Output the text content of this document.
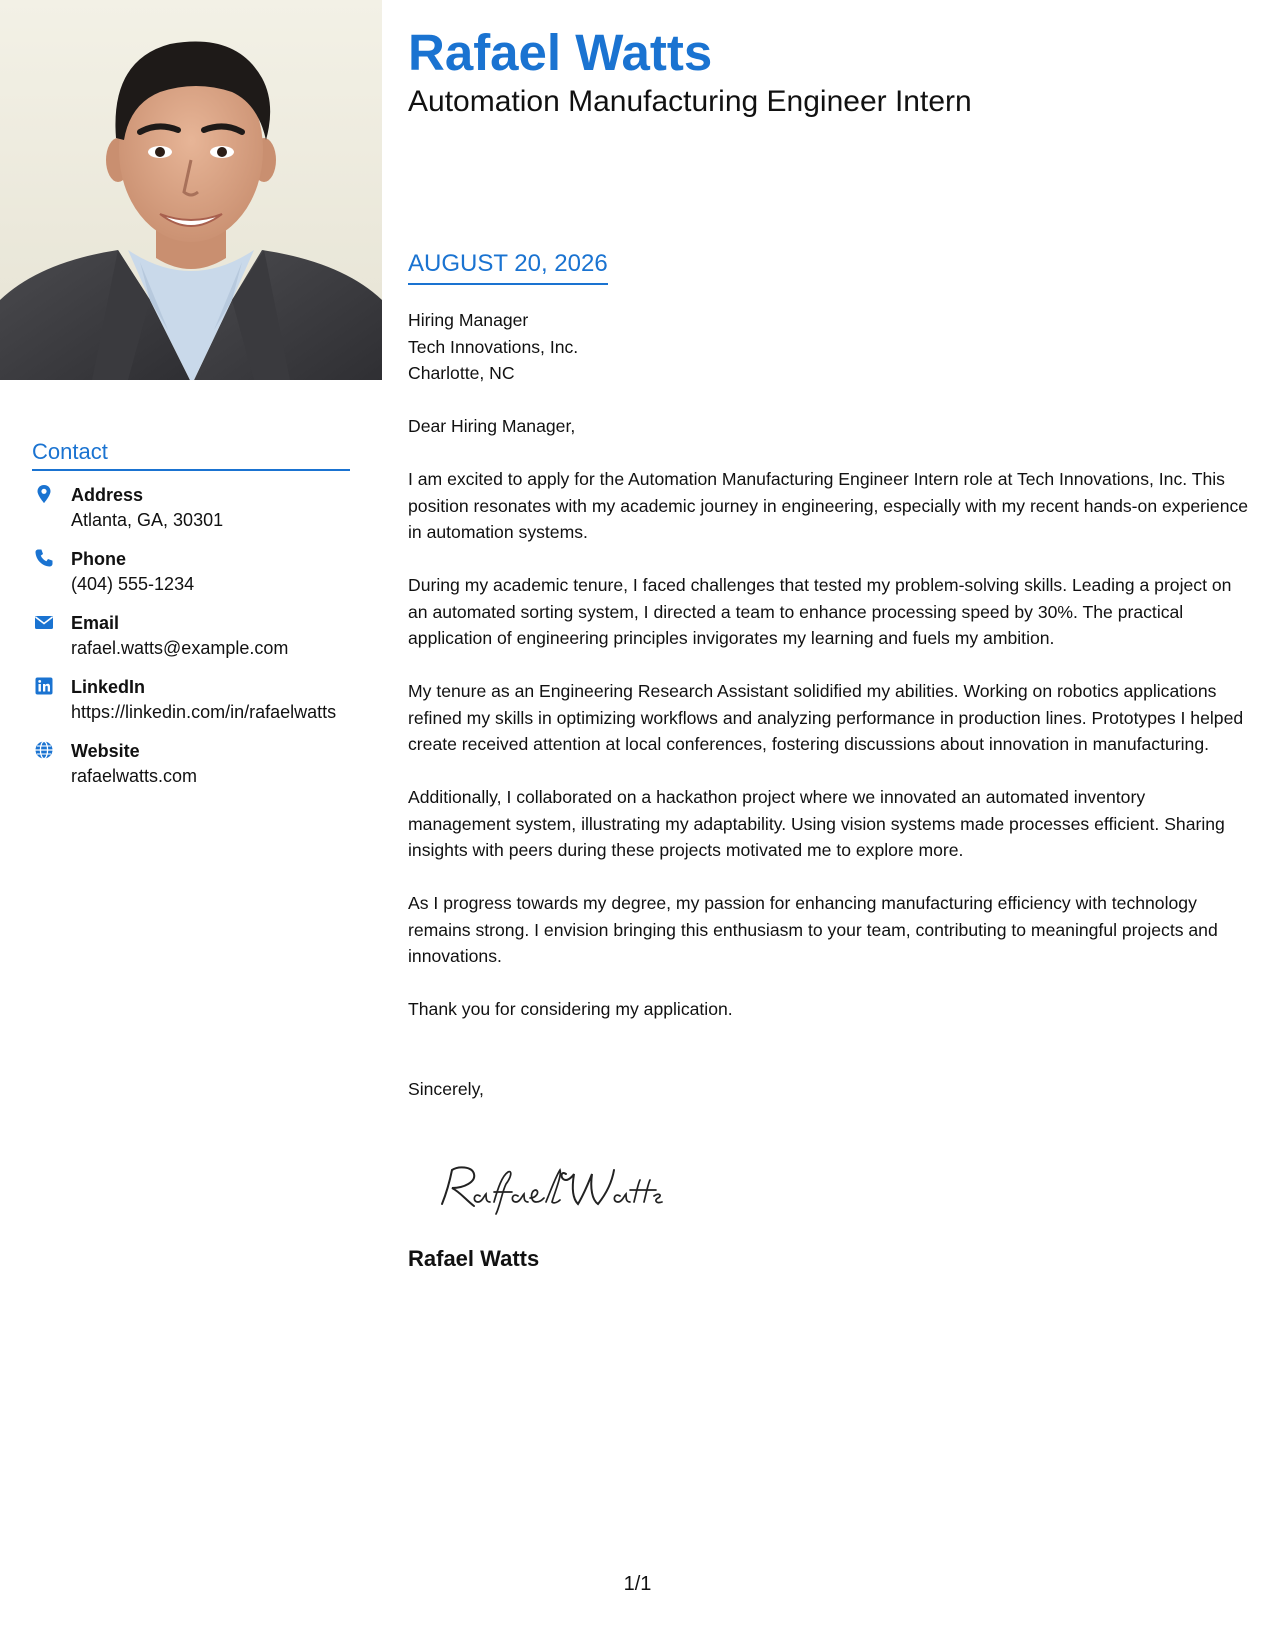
Contact
Address
Atlanta, GA, 30301
Phone
(404) 555-1234
Email
rafael.watts@example.com
LinkedIn
https://linkedin.com/in/rafaelwatts
Website
rafaelwatts.com
Rafael Watts
Automation Manufacturing Engineer Intern
AUGUST 20, 2026

Hiring Manager

Tech Innovations, Inc.

Charlotte, NC

Dear Hiring Manager,

I am excited to apply for the Automation Manufacturing Engineer Intern role at Tech Innovations, Inc. This position resonates with my academic journey in engineering, especially with my recent hands-on experience in automation systems.

During my academic tenure, I faced challenges that tested my problem-solving skills. Leading a project on an automated sorting system, I directed a team to enhance processing speed by 30%. The practical application of engineering principles invigorates my learning and fuels my ambition.

My tenure as an Engineering Research Assistant solidified my abilities. Working on robotics applications refined my skills in optimizing workflows and analyzing performance in production lines. Prototypes I helped create received attention at local conferences, fostering discussions about innovation in manufacturing.

Additionally, I collaborated on a hackathon project where we innovated an automated inventory management system, illustrating my adaptability. Using vision systems made processes efficient. Sharing insights with peers during these projects motivated me to explore more.

As I progress towards my degree, my passion for enhancing manufacturing efficiency with technology remains strong. I envision bringing this enthusiasm to your team, contributing to meaningful projects and innovations.

Thank you for considering my application.

Sincerely,

Rafael Watts
1/1
